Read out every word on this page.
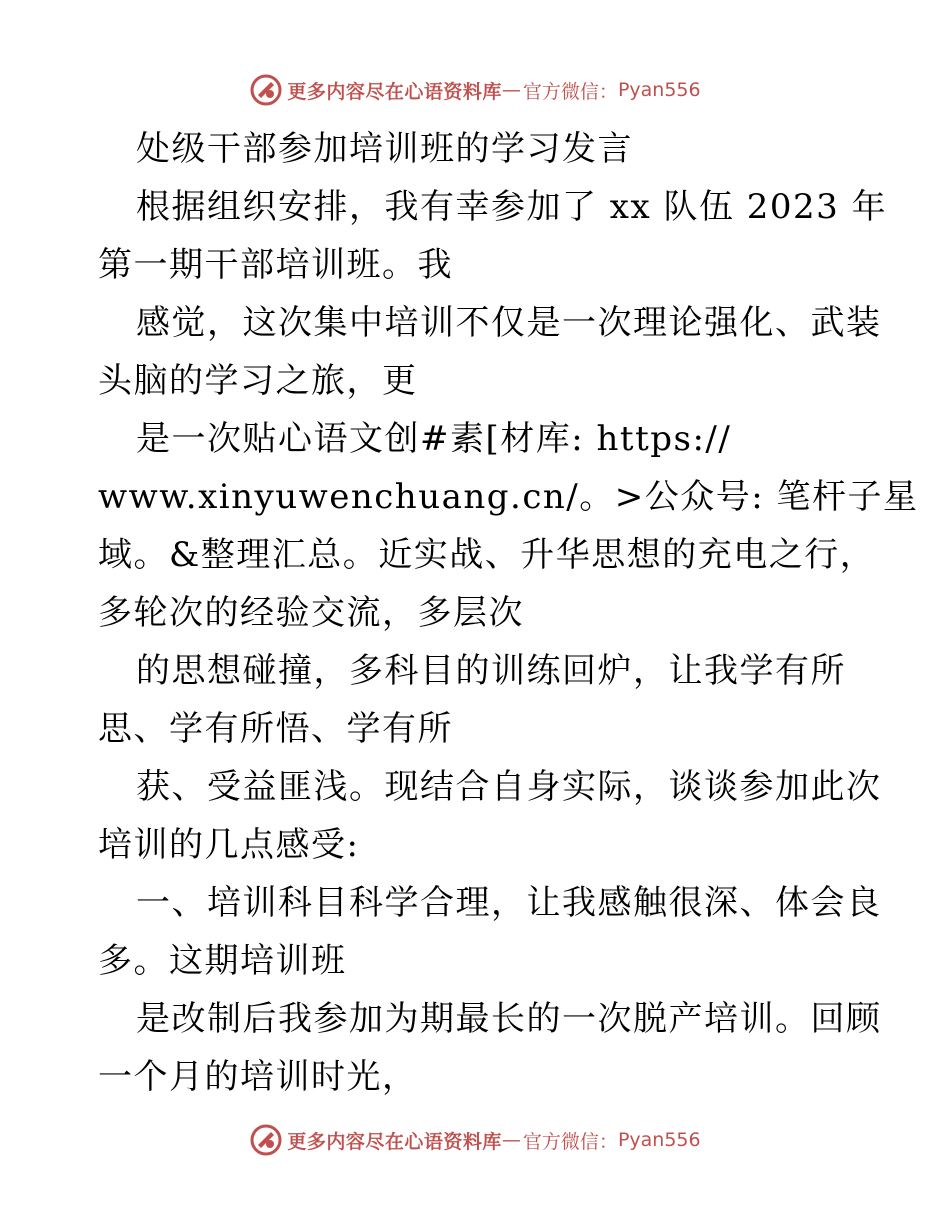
更多内容尽在心语资料库 — 官方微信： Pyan556
处级干部参加培训班的学习发言
根据组织安排，我有幸参加了 xx 队伍 2023 年
第一期干部培训班。我
感觉，这次集中培训不仅是一次理论强化、武装
头脑的学习之旅，更
是一次贴心语文创#素[材库: https://
www.xinyuwenchuang.cn/。>公众号: 笔杆子星
域。&整理汇总。近实战、升华思想的充电之行，
多轮次的经验交流，多层次
的思想碰撞，多科目的训练回炉，让我学有所
思、学有所悟、学有所
获、受益匪浅。现结合自身实际，谈谈参加此次
培训的几点感受:
一、培训科目科学合理，让我感触很深、体会良
多。这期培训班
是改制后我参加为期最长的一次脱产培训。回顾
一个月的培训时光，
更多内容尽在心语资料库 — 官方微信： Pyan556
